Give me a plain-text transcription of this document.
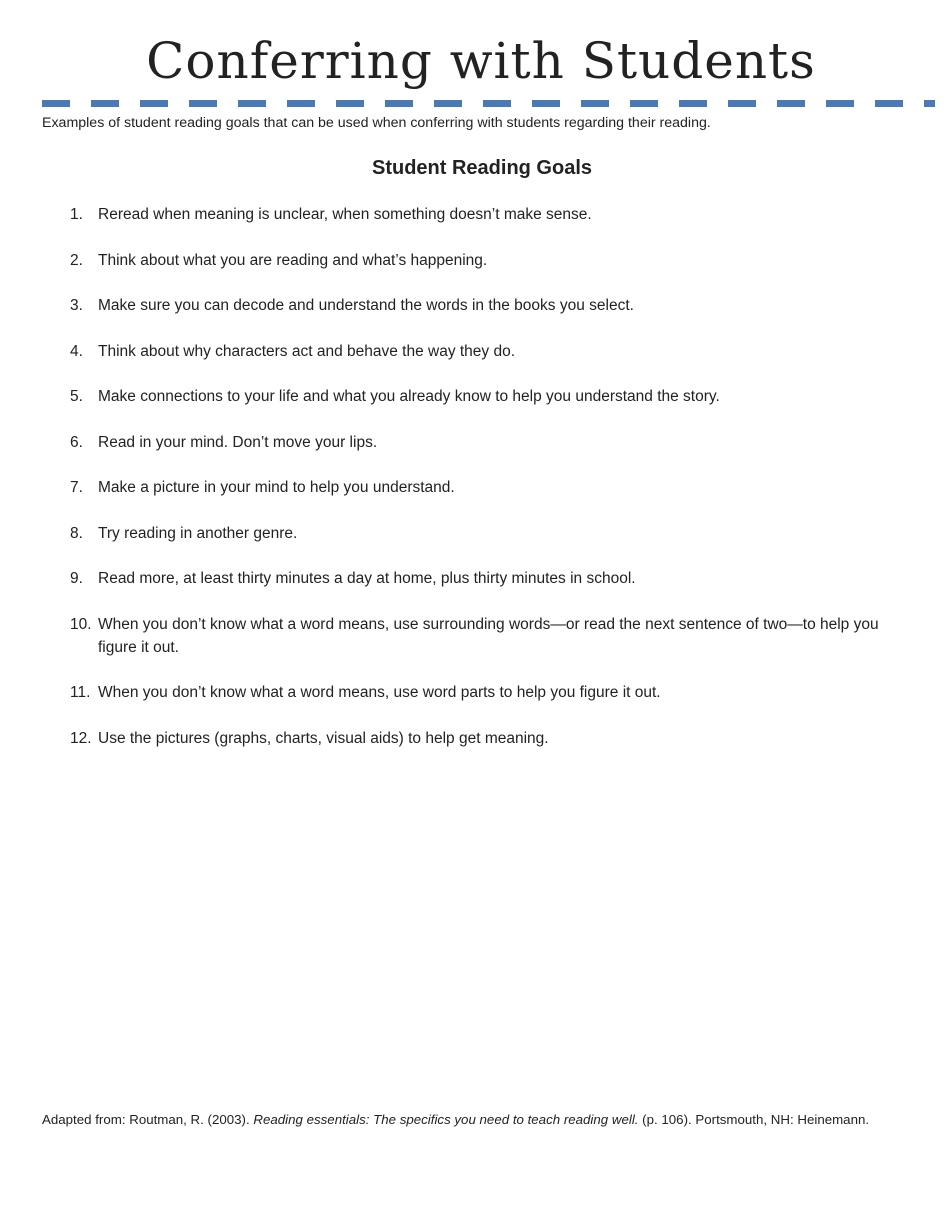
Conferring with Students
Examples of student reading goals that can be used when conferring with students regarding their reading.
Student Reading Goals
1. Reread when meaning is unclear, when something doesn’t make sense.
2. Think about what you are reading and what’s happening.
3. Make sure you can decode and understand the words in the books you select.
4. Think about why characters act and behave the way they do.
5. Make connections to your life and what you already know to help you understand the story.
6. Read in your mind. Don’t move your lips.
7. Make a picture in your mind to help you understand.
8. Try reading in another genre.
9. Read more, at least thirty minutes a day at home, plus thirty minutes in school.
10. When you don’t know what a word means, use surrounding words—or read the next sentence of two—to help you figure it out.
11. When you don’t know what a word means, use word parts to help you figure it out.
12. Use the pictures (graphs, charts, visual aids) to help get meaning.
Adapted from: Routman, R. (2003). Reading essentials: The specifics you need to teach reading well. (p. 106). Portsmouth, NH: Heinemann.
